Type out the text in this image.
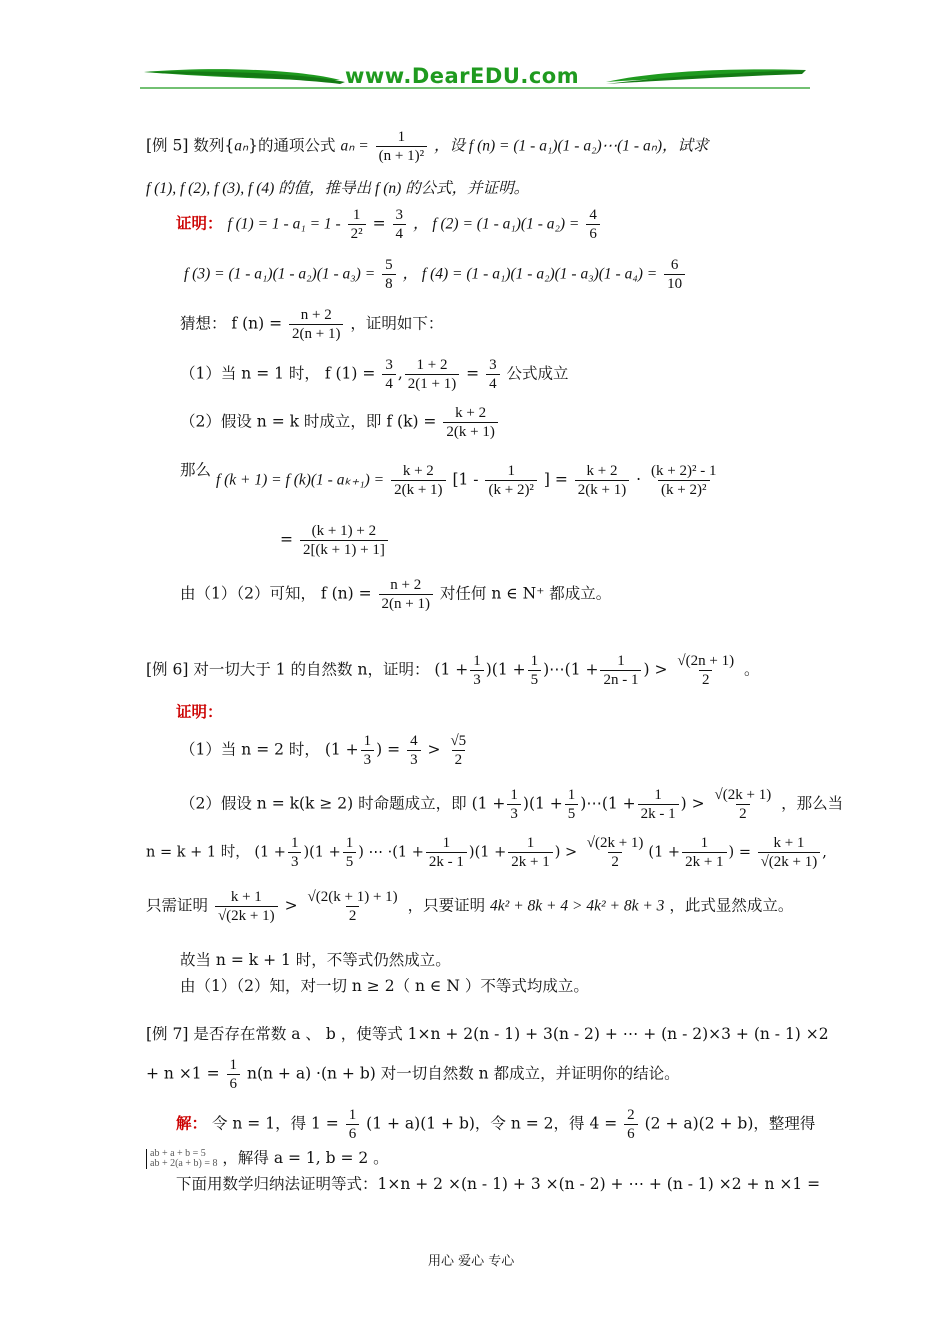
www.DearEDU.com
[例 5] 数列{aₙ}的通项公式 $a_n = \frac{1}{\text{(n + 1)²}}$ ，设 f (n) = (1 - a₁)(1 - a₂)⋯(1 - aₙ)，试求
f (1), f (2), f (3), f (4) 的值，推导出 f (n) 的公式，并证明。
证明： f $(1) = 1 - a_1 = 1 - \frac{1}{\text{2²}} = \frac{3}{4}$ ， f $(2) = (1 - a_1)(1 - a_2) = \frac{4}{6}$
f $(3) = (1 - a_1)(1 - a_2)(1 - a_3) = \frac{5}{8}$ ， f $(4) = (1 - a_1)(1 - a_2)(1 - a_3)(1 - a_4) = \frac{6}{10}$
猜想： f $(n) = \frac{n + 2}{2(n + 1)}$ ，证明如下：
（1）当 n = 1 时， f $(1) = \frac{3}{4}$ , $\frac{1 + 2}{2(1 + 1)} = \frac{3}{4}$ 公式成立
（2）假设 n = k 时成立，即 f $(k) = \frac{k + 2}{2(k + 1)}$
那么 f (k + 1) = f $(k)(1 - a_{k+1}) = \frac{k + 2}{2(k + 1)} [1 - \frac{1}{\text{(k + 2)²}}$ ] = $\frac{k + 2}{2(k + 1)} \cdot \frac{\text{(k + 2)² - 1}}{\text{(k + 2)²}}$
= $\frac{(k + 1) + 2}{2[(k + 1) + 1]}$
由（1）（2）可知， f $(n) = \frac{n + 2}{2(n + 1)}$ 对任何 n ∈ N⁺ 都成立。
[例 6] 对一切大于 1 的自然数 n，证明： $(1 + \frac{1}{3} )(1 + \frac{1}{5}$ )⋯(1 + $\frac{1}{2n - 1}$ ) > $\frac{√(2n + 1)}{2}$ 。
证明：
（1）当 n = 2 时， ($1 + \frac{1}{3}$ ) = $\frac{4}{3} > \frac{√5}{2}$
（2）假设 n = k(k ≥ 2) 时命题成立，即 $(1 + \frac{1}{3} )(1 + \frac{1}{5}$ )⋯(1 + $\frac{1}{2k - 1}$ ) > $\frac{√(2k + 1)}{2}$ ，那么当
n = k + 1 时， $(1 + \frac{1}{3} )(1 + \frac{1}{5}$ ) ⋯ $\cdot(1 + \frac{1}{2k - 1} )(1 + \frac{1}{2k + 1}$ ) > $\frac{√(2k + 1)}{2} (1 + \frac{1}{2k + 1}$ ) = $\frac{k + 1}{√(2k + 1)}$ ,
只需证明 $\frac{k + 1}{√(2k + 1)} > \frac{√(2(k + 1) + 1)}{2}$ ，只要证明 4k² + 8k + 4 > 4k² + 8k + 3 ，此式显然成立。
故当 n = k + 1 时，不等式仍然成立。
由（1）（2）知，对一切 n ≥ 2（ n ∈ N ）不等式均成立。
[例 7] 是否存在常数 a 、 b ，使等式 1×n + 2(n - 1) + 3(n - 2) + ⋯ + (n - 2)×3 + (n - 1) ×2
+ $n \times 1 = \frac{1}{6} n(n + a) \cdot(n + b)$ 对一切自然数 n 都成立，并证明你的结论。
解： 令 n = 1，得 $1 = \frac{1}{6} (1 + a)(1 + b)$，令 n = 2，得 $4 = \frac{2}{6} (2 + a)(2 + b)$，整理得
ab + a + b = 5
ab + 2(a + b) = 8 ，解得 a = 1, b = 2 。
下面用数学归纳法证明等式：1×n + 2 ×(n - 1) + 3 ×(n - 2) + ⋯ + (n - 1) ×2 + n ×1 =
用心 爱心 专心
